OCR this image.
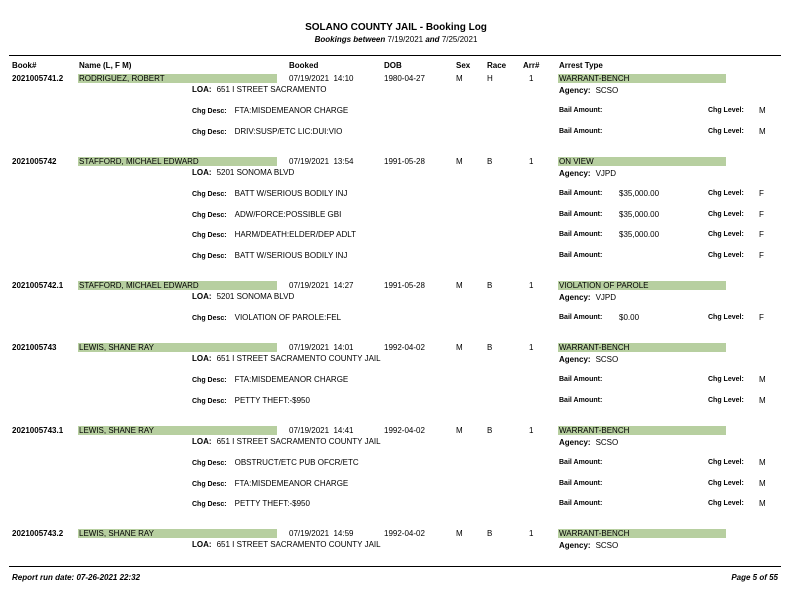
SOLANO COUNTY JAIL - Booking Log
Bookings between 7/19/2021 and 7/25/2021
Book#	Name (L, F M)	Booked	DOB	Sex Race Arr# Arrest Type
2021005741.2 RODRIGUEZ, ROBERT	07/19/2021  14:10	1980-04-27	M	H	1	WARRANT-BENCH
LOA: 651 I STREET SACRAMENTO	Agency: SCSO
Chg Desc: FTA:MISDEMEANOR CHARGE	Bail Amount:	Chg Level: M
Chg Desc: DRIV:SUSP/ETC LIC:DUI:VIO	Bail Amount:	Chg Level: M
2021005742	STAFFORD, MICHAEL EDWARD	07/19/2021  13:54	1991-05-28	M	B	1	ON VIEW
LOA: 5201 SONOMA BLVD	Agency: VJPD
Chg Desc: BATT W/SERIOUS BODILY INJ	Bail Amount: $35,000.00	Chg Level: F
Chg Desc: ADW/FORCE:POSSIBLE GBI	Bail Amount: $35,000.00	Chg Level: F
Chg Desc: HARM/DEATH:ELDER/DEP ADLT	Bail Amount: $35,000.00	Chg Level: F
Chg Desc: BATT W/SERIOUS BODILY INJ	Bail Amount:	Chg Level: F
2021005742.1 STAFFORD, MICHAEL EDWARD	07/19/2021  14:27	1991-05-28	M	B	1	VIOLATION OF PAROLE
LOA: 5201 SONOMA BLVD	Agency: VJPD
Chg Desc: VIOLATION OF PAROLE:FEL	Bail Amount: $0.00	Chg Level: F
2021005743	LEWIS, SHANE RAY	07/19/2021  14:01	1992-04-02	M	B	1	WARRANT-BENCH
LOA: 651 I STREET SACRAMENTO COUNTY JAIL	Agency: SCSO
Chg Desc: FTA:MISDEMEANOR CHARGE	Bail Amount:	Chg Level: M
Chg Desc: PETTY THEFT:-$950	Bail Amount:	Chg Level: M
2021005743.1 LEWIS, SHANE RAY	07/19/2021  14:41	1992-04-02	M	B	1	WARRANT-BENCH
LOA: 651 I STREET SACRAMENTO COUNTY JAIL	Agency: SCSO
Chg Desc: OBSTRUCT/ETC PUB OFCR/ETC	Bail Amount:	Chg Level: M
Chg Desc: FTA:MISDEMEANOR CHARGE	Bail Amount:	Chg Level: M
Chg Desc: PETTY THEFT:-$950	Bail Amount:	Chg Level: M
2021005743.2 LEWIS, SHANE RAY	07/19/2021  14:59	1992-04-02	M	B	1	WARRANT-BENCH
LOA: 651 I STREET SACRAMENTO COUNTY JAIL	Agency: SCSO
Report run date: 07-26-2021 22:32	Page 5 of 55
